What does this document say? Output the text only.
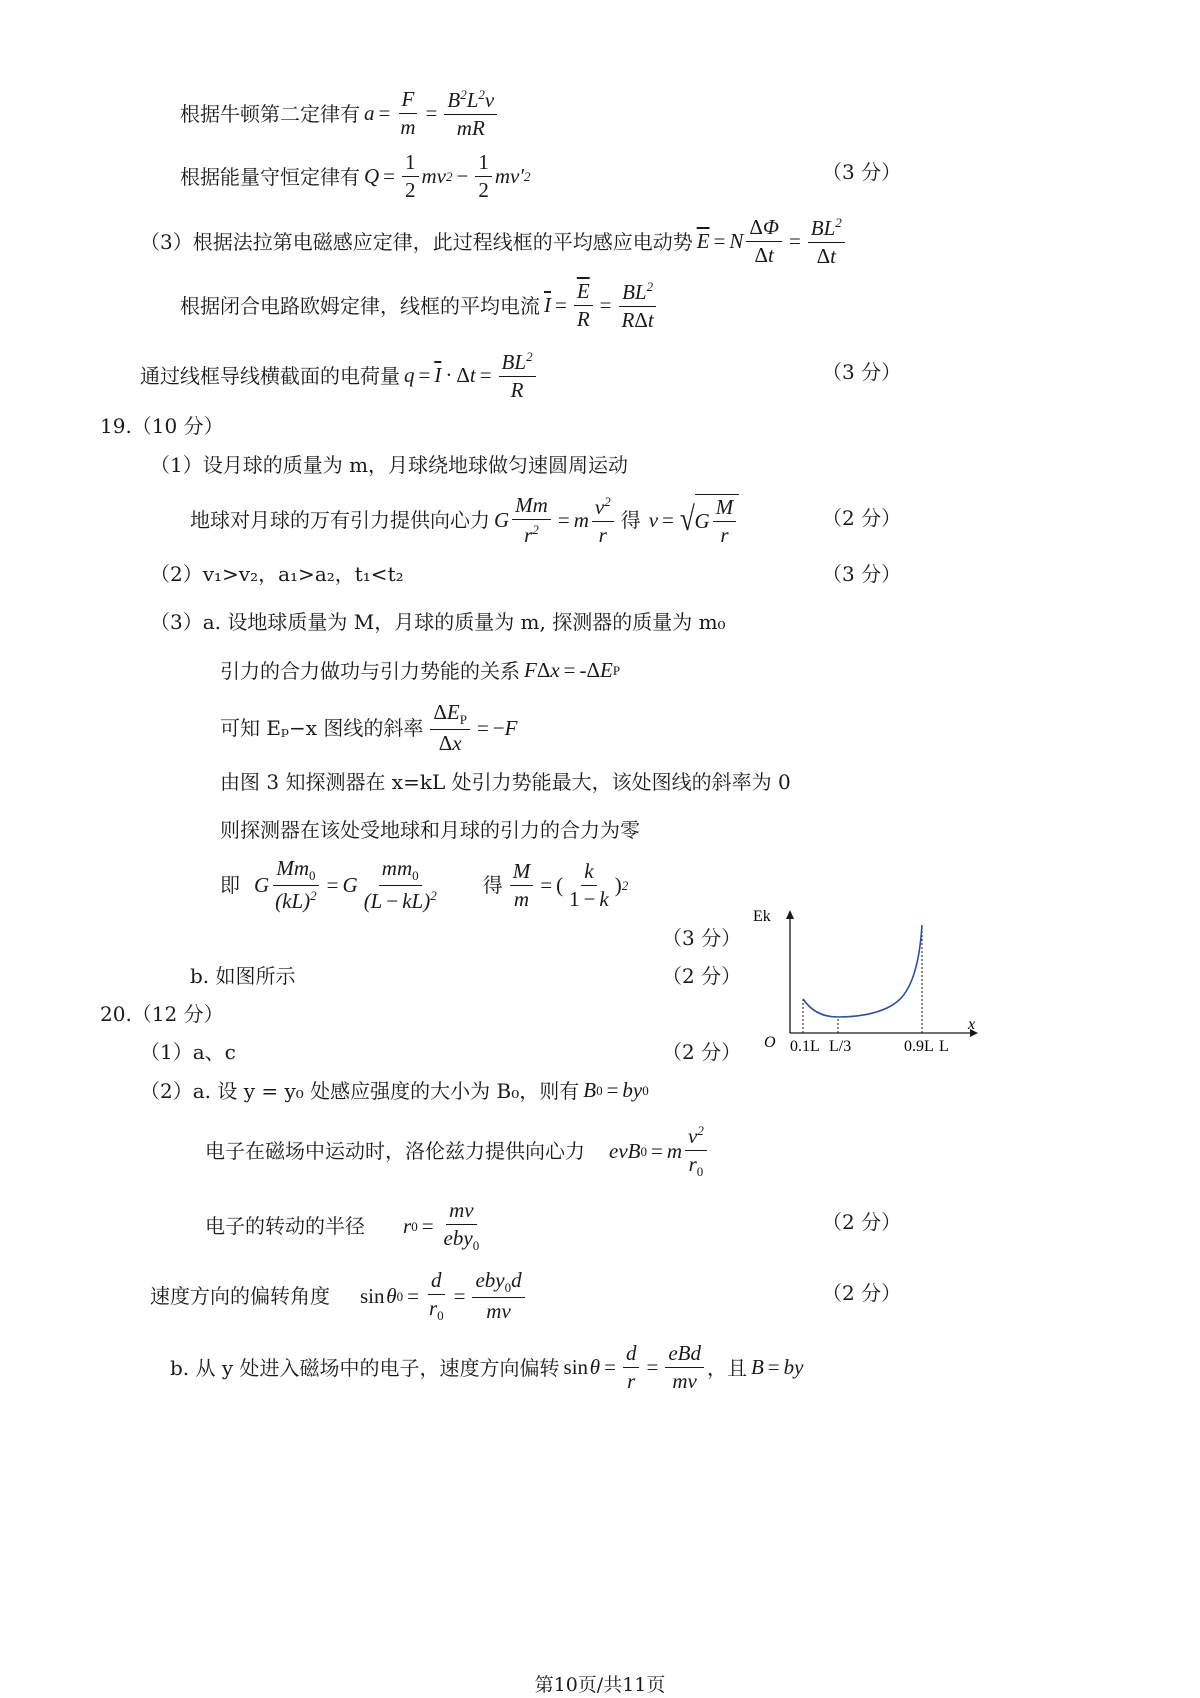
根据牛顿第二定律有 $a = \frac{F}{m} = \frac{B^2L^2v}{mR}$
根据能量守恒定律有 $Q = \frac{1}{2}$ mv $2 - \frac{1}{2} mv'$ 2	（3 分）
（3）根据法拉第电磁感应定律，此过程线框的平均感应电动势 $\overline{E} = N \frac{\Delta\Phi}{\Delta t} = \frac{BL^2}{\Delta t}$
根据闭合电路欧姆定律，线框的平均电流 $\overline{I} = \frac{\overline{E}}{R} = \frac{BL^2}{\text{RΔt}}$
通过线框导线横截面的电荷量 $q = \overline{I} \cdot \Delta$ $t = \frac{BL^2}{R}$	（3 分）
19.（10 分）
（1）设月球的质量为 m，月球绕地球做匀速圆周运动
地球对月球的万有引力提供向心力 G $\frac{Mm}{r^2} = m \frac{v^2}{r}$ 得 v = √ G $\frac{M}{r}$	（2 分）
（2）v₁>v₂，a₁>a₂，t₁<t₂	（3 分）
（3）a. 设地球质量为 M，月球的质量为 m, 探测器的质量为 m₀
引力的合力做功与引力势能的关系 F Δ x = -Δ E P
可知 Eₚ−x 图线的斜率 $\frac{\Delta E_P}{\Delta x}$ = − F
由图 3 知探测器在 x=kL 处引力势能最大，该处图线的斜率为 0
则探测器在该处受地球和月球的引力的合力为零
即 G $\frac{Mm_0}{(kL)^2} = G \frac{mm_0}{(L - kL)^2}$ 得 $\frac{M}{m}$ = ( $\frac{k}{1 - k}$ ) 2
（3 分）
b. 如图所示	（2 分）
Ek
x
O 0.1L L/3	0.9L L
20.（12 分）
（1）a、c	（2 分）
（2）a. 设 y = y₀ 处感应强度的大小为 B₀，则有 B 0 = by 0
电子在磁场中运动时，洛伦兹力提供向心力 evB 0 = m $\frac{v^2}{r_0}$
电子的转动的半径 r $0 = \frac{mv}{eby_0}$	（2 分）
速度方向的偏转角度 sin  θ $0 = \frac{d}{r_0} = \frac{eby_0d}{mv}$	（2 分）
b. 从 y 处进入磁场中的电子，速度方向偏转 sin  $\theta = \frac{d}{r} = \frac{\text{eBd}}{mv}$ ，且 B = by
第10页/共11页
